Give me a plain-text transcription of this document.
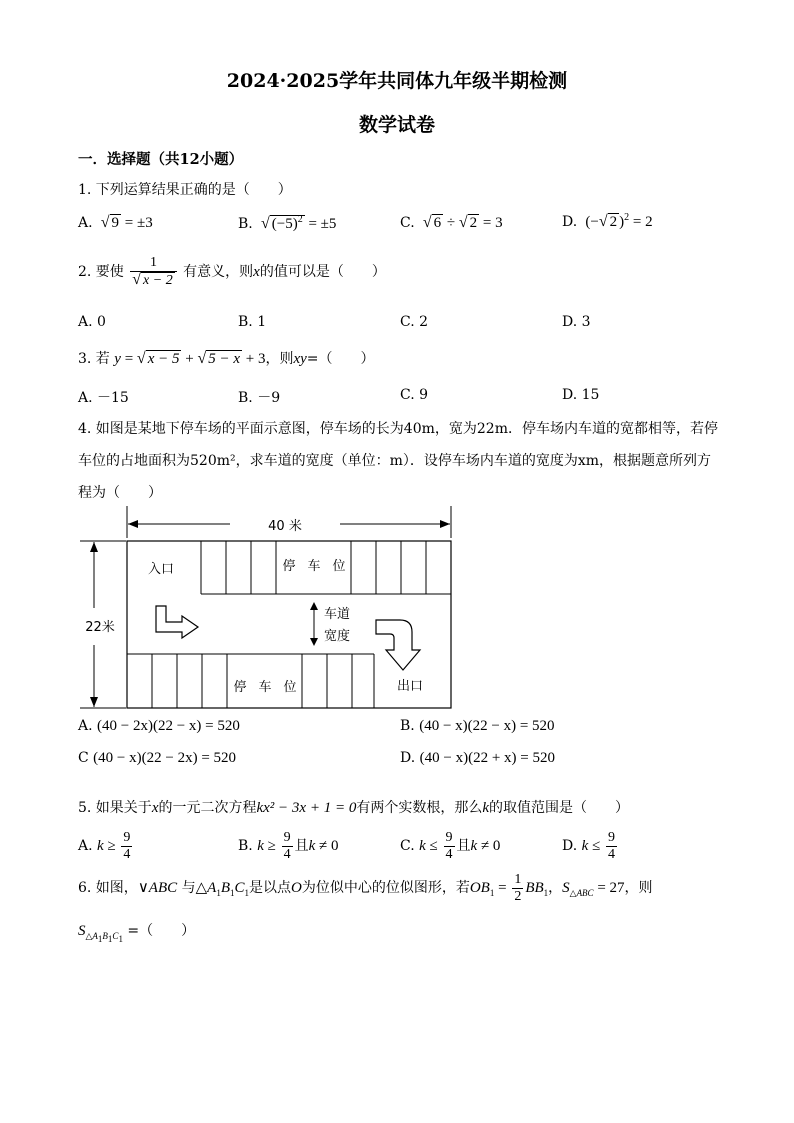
2024·2025学年共同体九年级半期检测
数学试卷
一．选择题（共12小题）
1. 下列运算结果正确的是（　　）
A. √ 9 = ±3	B. √ $(-5)^2 = \pm 5$	C. √ 6 ÷ √ 2 = 3	D.  (−√ 2 )$^2$ = 2
2. 要使 $\frac{1}{√ x - 2}$ 有意义，则x的值可以是（　　）
A. 0	B. 1	C. 2	D. 3
3. 若 y = √ x − 5 + √ 5 − x + 3，则xy=（　　）
A. －15	B. －9	C. 9	D. 15
4. 如图是某地下停车场的平面示意图，停车场的长为40m，宽为22m．停车场内车道的宽都相等，若停
车位的占地面积为520m²，求车道的宽度（单位：m）．设停车场内车道的宽度为xm，根据题意所列方
程为（　　）
40 米
22米
停 车 位
入口
停 车 位	出口
车道
宽度
A. (40 − 2x)(22 − x) = 520	B. (40 − x)(22 − x) = 520
C (40 − x)(22 − 2x) = 520	D. (40 − x)(22 + x) = 520
5. 如果关于x的一元二次方程kx² − 3x + 1 = 0有两个实数根，那么k的取值范围是（　　）
A. $k \ge \frac{9}{4}$	B. $k \ge \frac{9}{4}$ 且k ≠ 0	C. $k \le \frac{9}{4}$ 且k ≠ 0	D. $k \le \frac{9}{4}$
6. 如图，∨ABC 与$\triangle A_1B_1C_1$是以点O为位似中心的位似图形，若$OB_1 = \frac{1}{2} BB_1$，$S_{\triangle ABC} = 27$，则
$S_{\triangle A_1B_1C_1}$ =（　　）
